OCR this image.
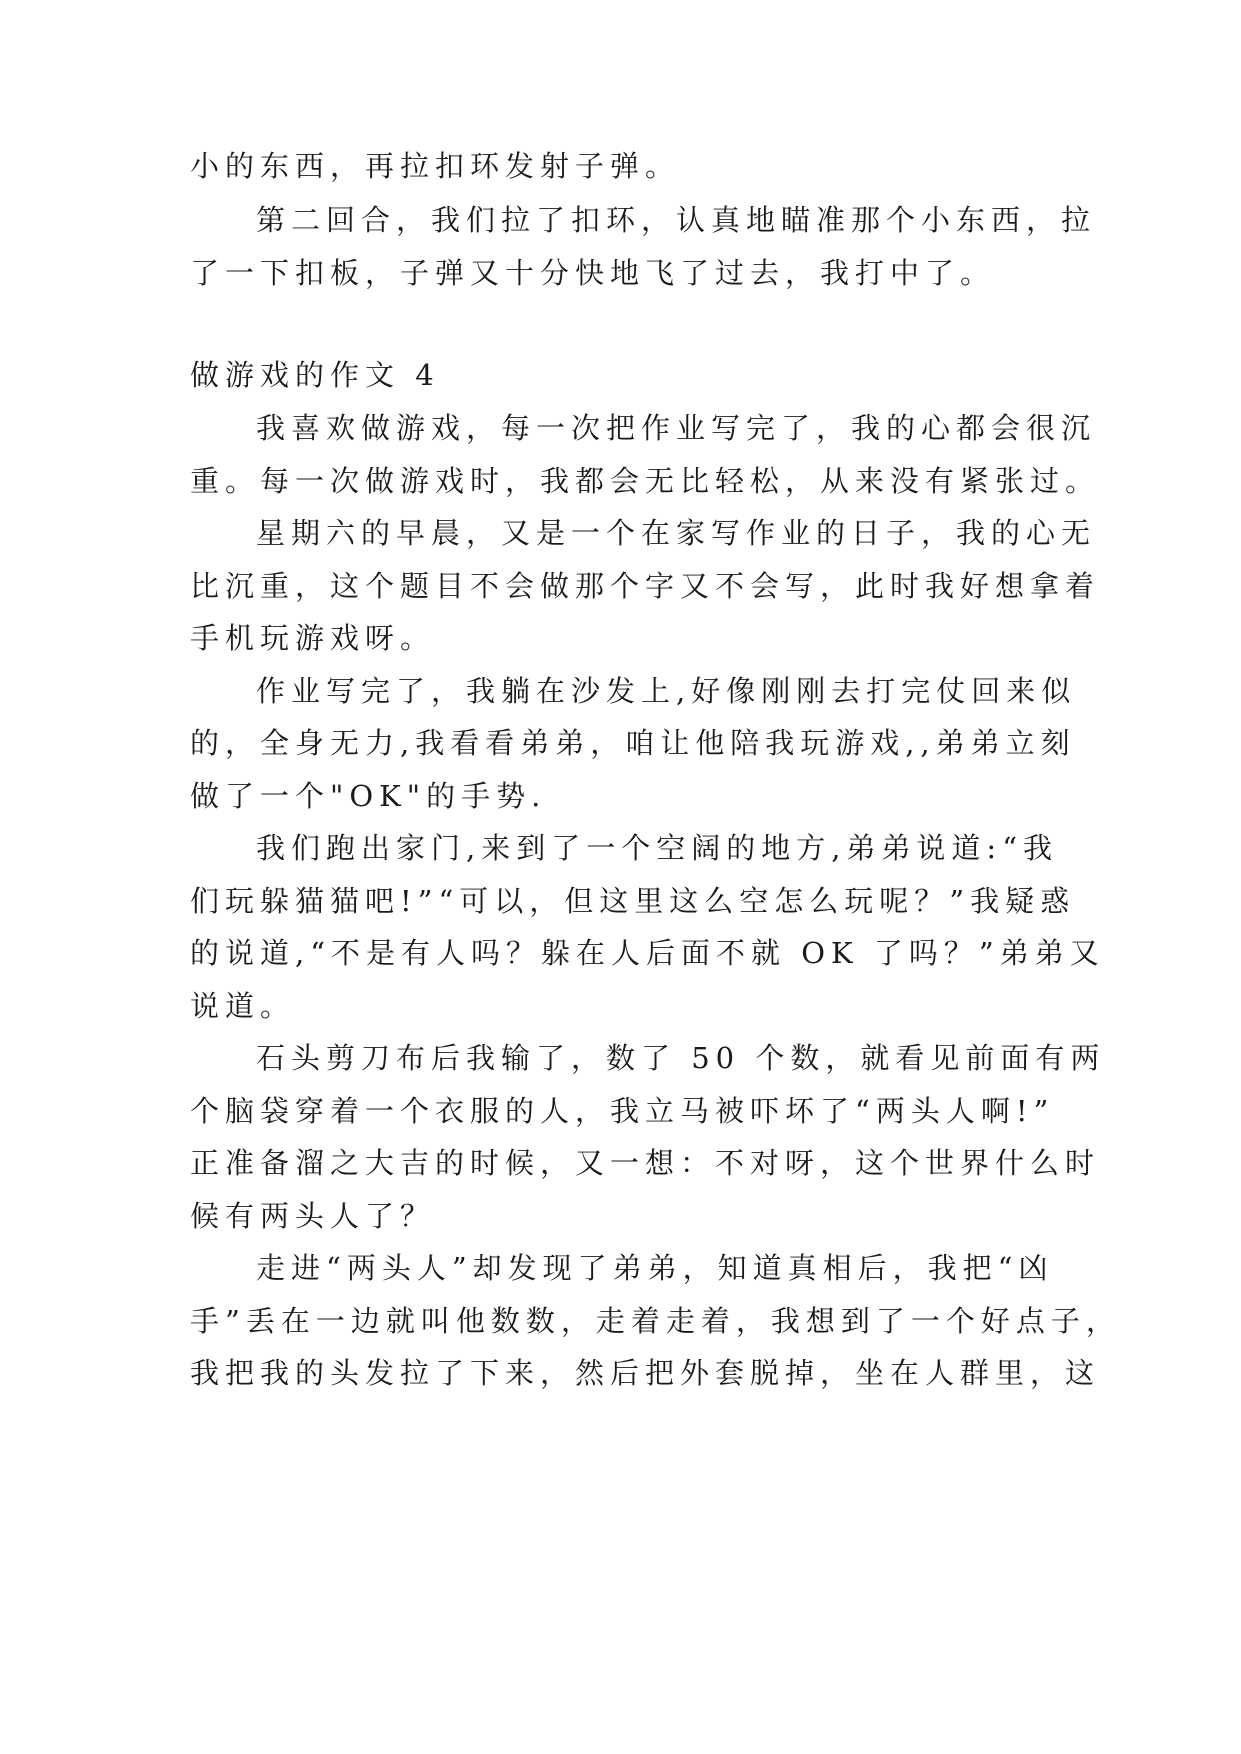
小的东西，再拉扣环发射子弹。
第二回合，我们拉了扣环，认真地瞄准那个小东西，拉
了一下扣板，子弹又十分快地飞了过去，我打中了。
做游戏的作文 4
我喜欢做游戏，每一次把作业写完了，我的心都会很沉
重。每一次做游戏时，我都会无比轻松，从来没有紧张过。
星期六的早晨，又是一个在家写作业的日子，我的心无
比沉重，这个题目不会做那个字又不会写，此时我好想拿着
手机玩游戏呀。
作业写完了，我躺在沙发上,好像刚刚去打完仗回来似
的，全身无力,我看看弟弟，咱让他陪我玩游戏,,弟弟立刻
做了一个"OK"的手势.
我们跑出家门,来到了一个空阔的地方,弟弟说道:“我
们玩躲猫猫吧!”“可以，但这里这么空怎么玩呢？”我疑惑
的说道,“不是有人吗？躲在人后面不就 OK 了吗？”弟弟又
说道。
石头剪刀布后我输了，数了 50 个数，就看见前面有两
个脑袋穿着一个衣服的人，我立马被吓坏了“两头人啊!”
正准备溜之大吉的时候，又一想：不对呀，这个世界什么时
候有两头人了？
走进“两头人”却发现了弟弟，知道真相后，我把“凶
手”丢在一边就叫他数数，走着走着，我想到了一个好点子，
我把我的头发拉了下来，然后把外套脱掉，坐在人群里，这
